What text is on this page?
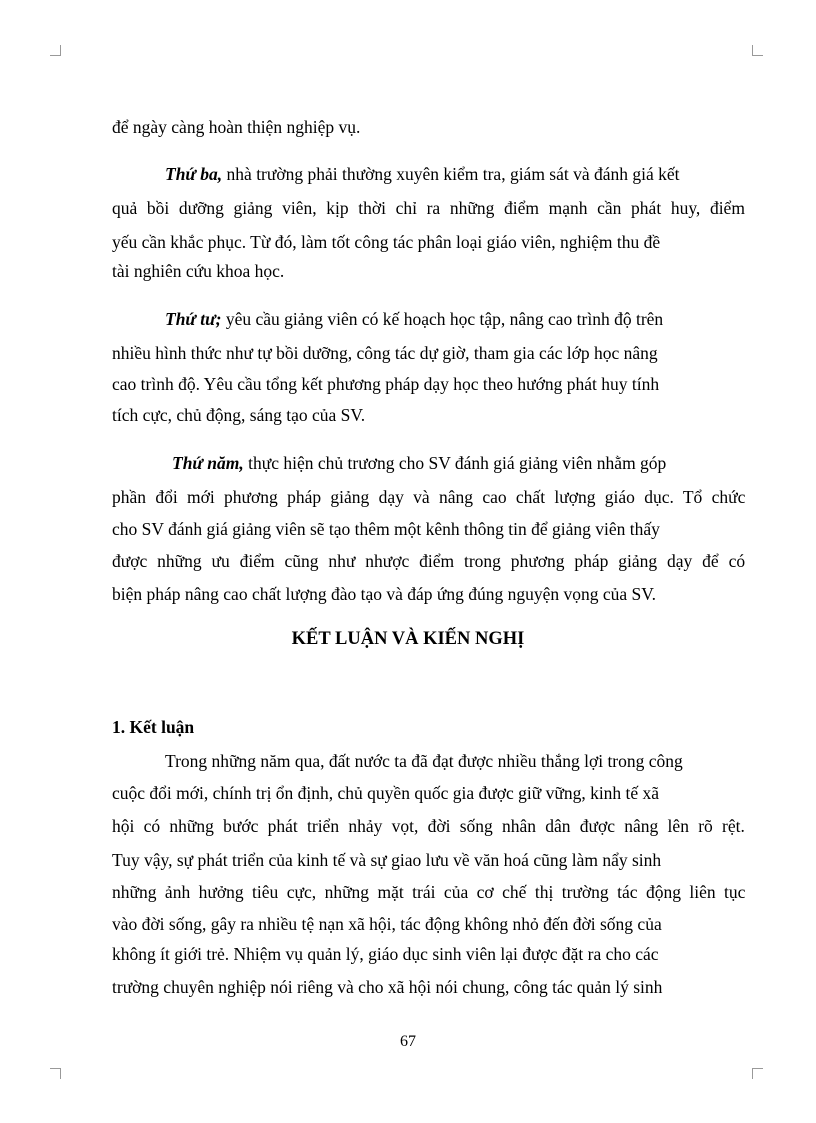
để ngày càng hoàn thiện nghiệp vụ.
Thứ ba, nhà trường phải thường xuyên kiểm tra, giám sát và đánh giá kết
quả bồi dưỡng giảng viên, kịp thời chỉ ra những điểm mạnh cần phát huy, điểm
yếu cần khắc phục. Từ đó, làm tốt công tác phân loại giáo viên, nghiệm thu đề
tài nghiên cứu khoa học.
Thứ tư; yêu cầu giảng viên có kế hoạch học tập, nâng cao trình độ trên
nhiều hình thức như tự bồi dưỡng, công tác dự giờ, tham gia các lớp học nâng
cao trình độ. Yêu cầu tổng kết phương pháp dạy học theo hướng phát huy tính
tích cực, chủ động, sáng tạo của SV.
Thứ năm, thực hiện chủ trương cho SV đánh giá giảng viên nhằm góp
phần đổi mới phương pháp giảng dạy và nâng cao chất lượng giáo dục. Tổ chức
cho SV đánh giá giảng viên sẽ tạo thêm một kênh thông tin để giảng viên thấy
được những ưu điểm cũng như nhược điểm trong phương pháp giảng dạy để có
biện pháp nâng cao chất lượng đào tạo và đáp ứng đúng nguyện vọng của SV.
KẾT LUẬN VÀ KIẾN NGHỊ
1. Kết luận
Trong những năm qua, đất nước ta đã đạt được nhiều thắng lợi trong công
cuộc đổi mới, chính trị ổn định, chủ quyền quốc gia được giữ vững, kinh tế xã
hội có những bước phát triển nhảy vọt, đời sống nhân dân được nâng lên rõ rệt.
Tuy vậy, sự phát triển của kinh tế và sự giao lưu về văn hoá cũng làm nẩy sinh
những ảnh hưởng tiêu cực, những mặt trái của cơ chế thị trường tác động liên tục
vào đời sống, gây ra nhiều tệ nạn xã hội, tác động không nhỏ đến đời sống của
không ít giới trẻ. Nhiệm vụ quản lý, giáo dục sinh viên lại được đặt ra cho các
trường chuyên nghiệp nói riêng và cho xã hội nói chung, công tác quản lý sinh
67
